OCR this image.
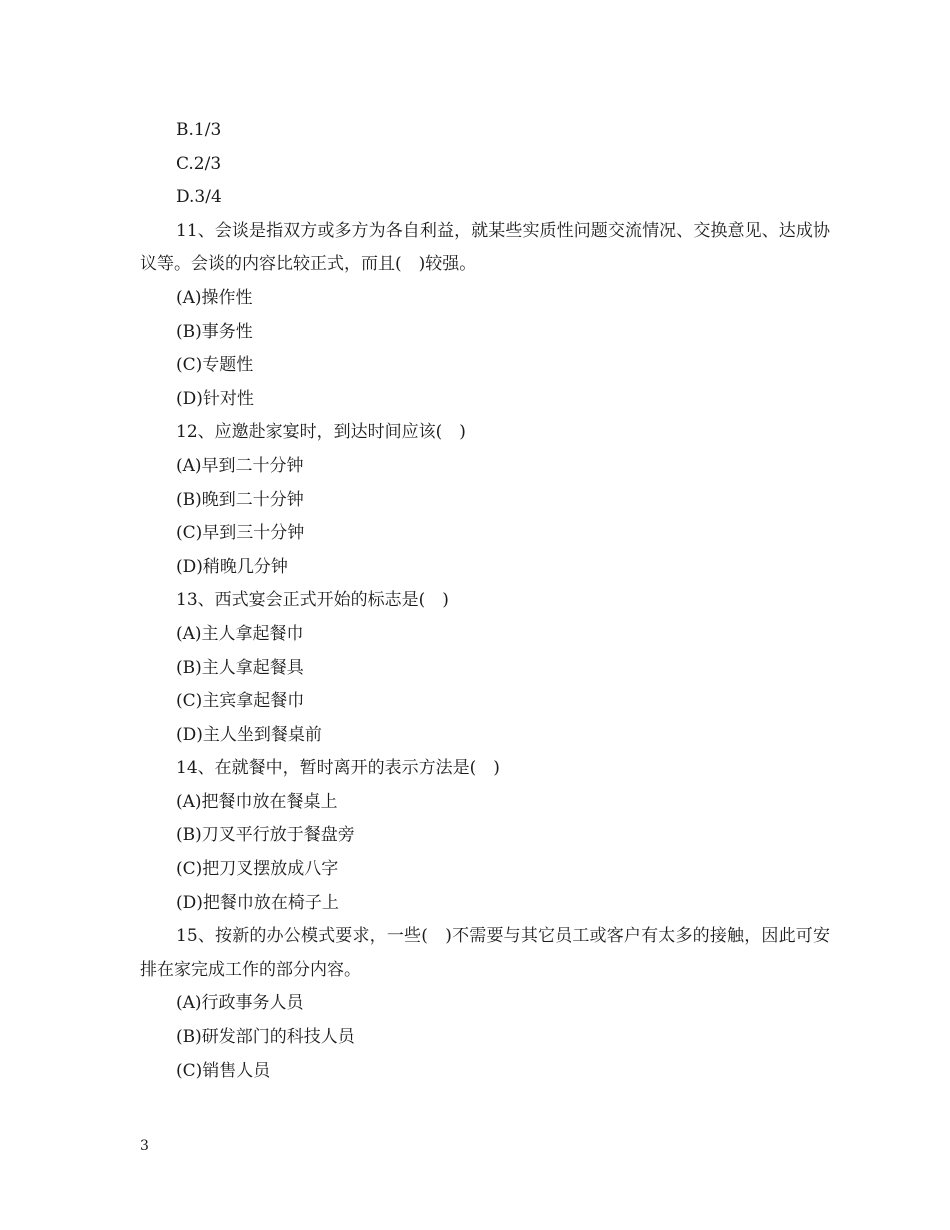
B.1/3

C.2/3

D.3/4

11、会谈是指双方或多方为各自利益，就某些实质性问题交流情况、交换意见、达成协议等。会谈的内容比较正式，而且(　)较强。

(A)操作性

(B)事务性

(C)专题性

(D)针对性

12、应邀赴家宴时，到达时间应该(　)

(A)早到二十分钟

(B)晚到二十分钟

(C)早到三十分钟

(D)稍晚几分钟

13、西式宴会正式开始的标志是(　)

(A)主人拿起餐巾

(B)主人拿起餐具

(C)主宾拿起餐巾

(D)主人坐到餐桌前

14、在就餐中，暂时离开的表示方法是(　)

(A)把餐巾放在餐桌上

(B)刀叉平行放于餐盘旁

(C)把刀叉摆放成八字

(D)把餐巾放在椅子上

15、按新的办公模式要求，一些(　)不需要与其它员工或客户有太多的接触，因此可安排在家完成工作的部分内容。

(A)行政事务人员

(B)研发部门的科技人员

(C)销售人员

3
